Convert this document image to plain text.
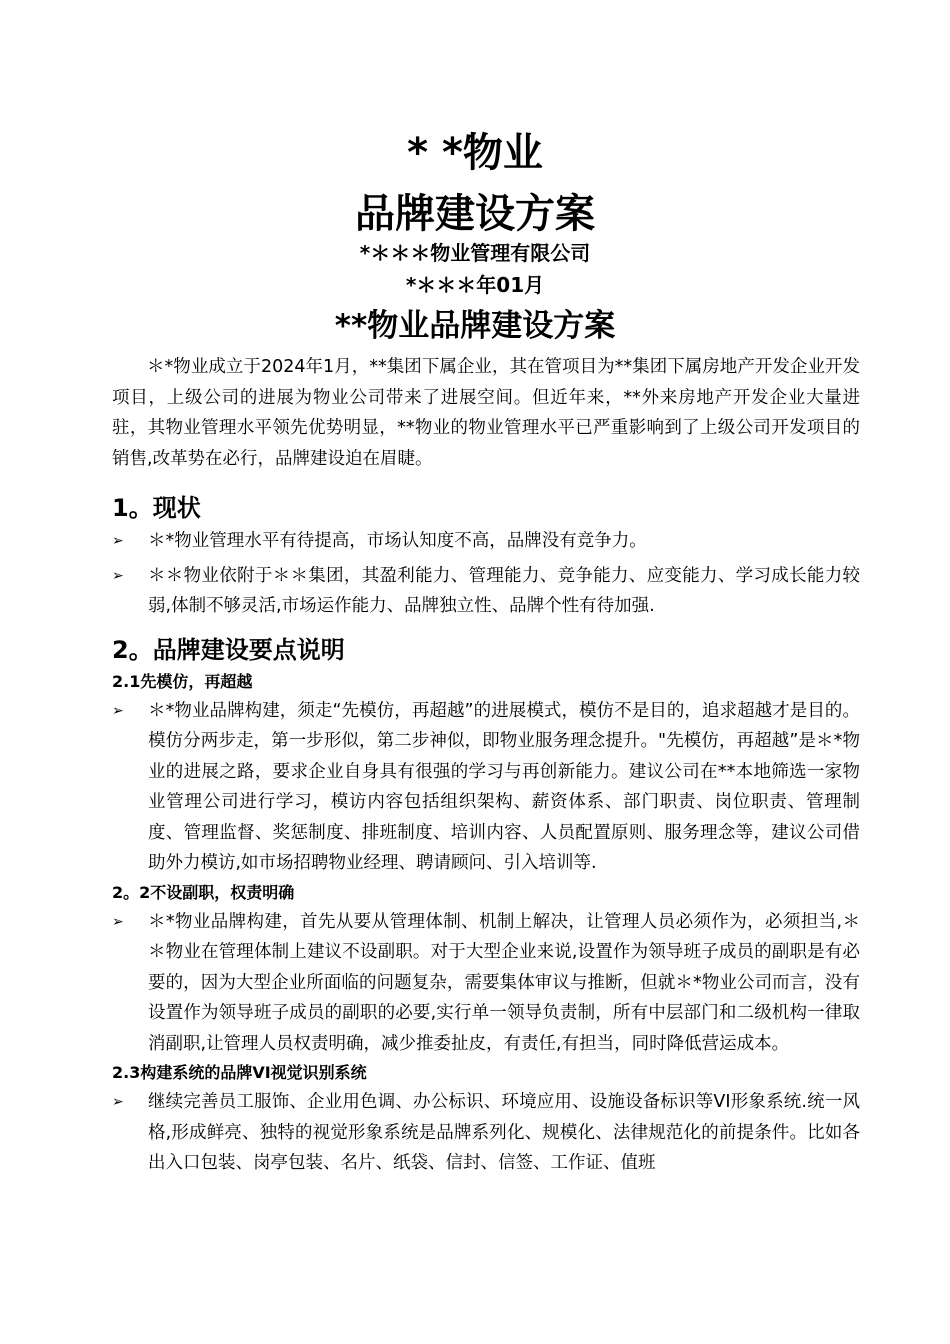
* *物业

品牌建设方案

*＊＊＊物业管理有限公司

*＊＊＊年01月

**物业品牌建设方案

＊*物业成立于2024年1月，**集团下属企业，其在管项目为**集团下属房地产开发企业开发项目，上级公司的进展为物业公司带来了进展空间。但近年来，**外来房地产开发企业大量进驻，其物业管理水平领先优势明显，**物业的物业管理水平已严重影响到了上级公司开发项目的销售,改革势在必行，品牌建设迫在眉睫。

1。现状
➢ ＊*物业管理水平有待提高，市场认知度不高，品牌没有竞争力。
➢ ＊＊物业依附于＊＊集团，其盈利能力、管理能力、竞争能力、应变能力、学习成长能力较弱,体制不够灵活,市场运作能力、品牌独立性、品牌个性有待加强.
2。品牌建设要点说明
2.1先模仿，再超越
➢ ＊*物业品牌构建，须走“先模仿，再超越”的进展模式，模仿不是目的，追求超越才是目的。模仿分两步走，第一步形似，第二步神似，即物业服务理念提升。"先模仿，再超越”是＊*物业的进展之路，要求企业自身具有很强的学习与再创新能力。建议公司在**本地筛选一家物业管理公司进行学习，模访内容包括组织架构、薪资体系、部门职责、岗位职责、管理制度、管理监督、奖惩制度、排班制度、培训内容、人员配置原则、服务理念等，建议公司借助外力模访,如市场招聘物业经理、聘请顾问、引入培训等.
2。2不设副职，权责明确
➢ ＊*物业品牌构建，首先从要从管理体制、机制上解决，让管理人员必须作为，必须担当,＊＊物业在管理体制上建议不设副职。对于大型企业来说,设置作为领导班子成员的副职是有必要的，因为大型企业所面临的问题复杂，需要集体审议与推断，但就＊*物业公司而言，没有设置作为领导班子成员的副职的必要,实行单一领导负责制，所有中层部门和二级机构一律取消副职,让管理人员权责明确，减少推委扯皮，有责任,有担当，同时降低营运成本。
2.3构建系统的品牌VI视觉识别系统
➢ 继续完善员工服饰、企业用色调、办公标识、环境应用、设施设备标识等VI形象系统.统一风格,形成鲜亮、独特的视觉形象系统是品牌系列化、规模化、法律规范化的前提条件。比如各出入口包装、岗亭包装、名片、纸袋、信封、信签、工作证、值班
